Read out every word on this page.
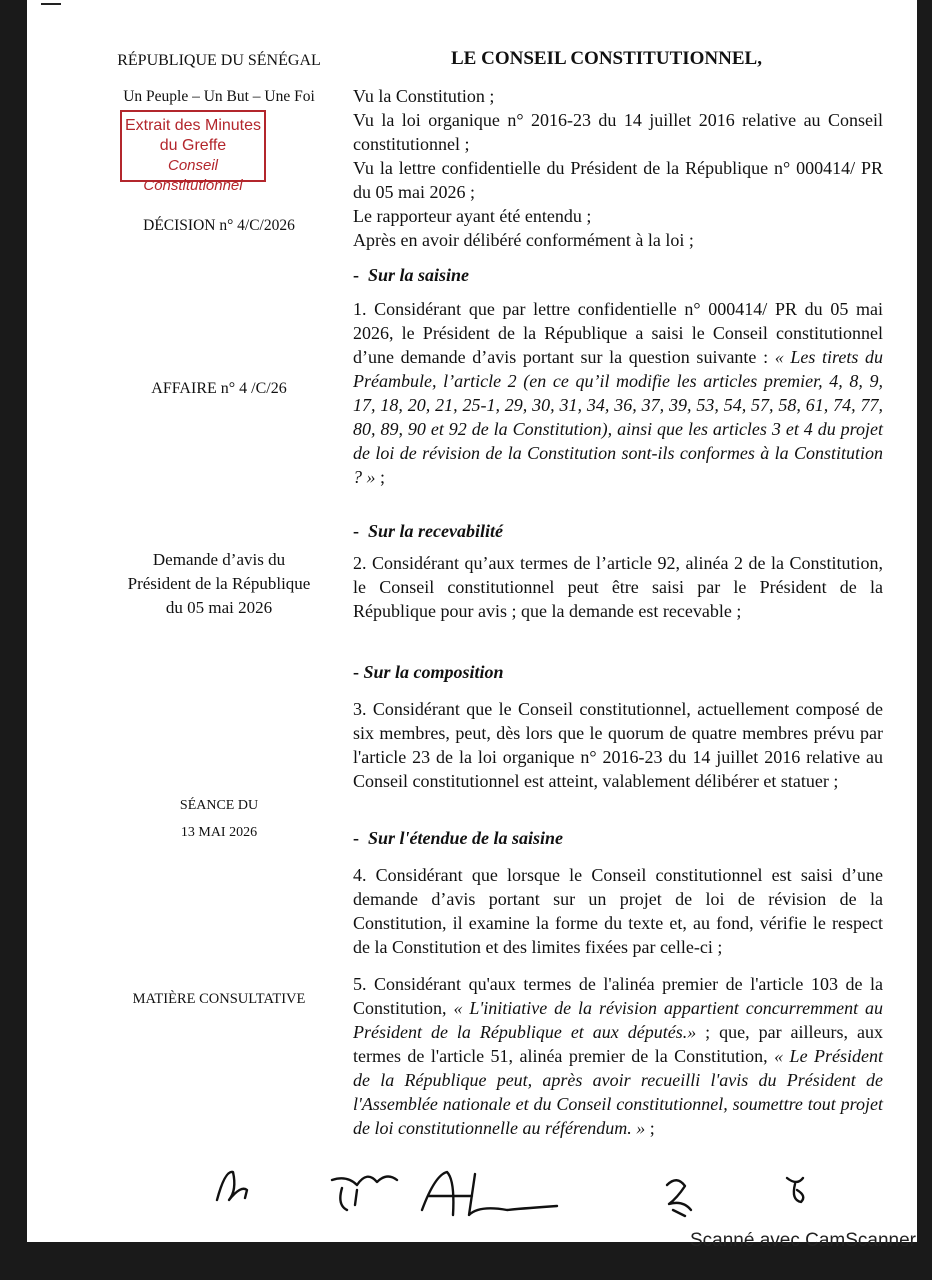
RÉPUBLIQUE DU SÉNÉGAL
Un Peuple – Un But – Une Foi
DÉCISION n° 4/C/2026
AFFAIRE n° 4 /C/26
Demande d’avis du
Président de la République
du 05 mai 2026
SÉANCE DU
13 MAI 2026
MATIÈRE CONSULTATIVE
Extrait des Minutes
du Greffe
Conseil Constitutionnel
LE CONSEIL CONSTITUTIONNEL,

Vu la Constitution ;

Vu la loi organique n° 2016-23 du 14 juillet 2016 relative au Conseil constitutionnel ;

Vu la lettre confidentielle du Président de la République n° 000414/ PR du 05 mai 2026 ;

Le rapporteur ayant été entendu ;

Après en avoir délibéré conformément à la loi ;

-  Sur la saisine

1. Considérant que par lettre confidentielle n° 000414/ PR du 05 mai 2026, le Président de la République a saisi le Conseil constitutionnel d’une demande d’avis portant sur la question suivante : « Les tirets du Préambule, l’article 2 (en ce qu’il modifie les articles premier, 4, 8, 9, 17, 18, 20, 21, 25-1, 29, 30, 31, 34, 36, 37, 39, 53, 54, 57, 58, 61, 74, 77, 80, 89, 90 et 92 de la Constitution), ainsi que les articles 3 et 4 du projet de loi de révision de la Constitution sont-ils conformes à la Constitution ? » ;

-  Sur la recevabilité

2. Considérant qu’aux termes de l’article 92, alinéa 2 de la Constitution, le Conseil constitutionnel peut être saisi par le Président de la République pour avis ; que la demande est recevable ;

- Sur la composition

3. Considérant que le Conseil constitutionnel, actuellement composé de six membres, peut, dès lors que le quorum de quatre membres prévu par l'article 23 de la loi organique n° 2016-23 du 14 juillet 2016 relative au Conseil constitutionnel est atteint, valablement délibérer et statuer ;

-  Sur l'étendue de la saisine

4. Considérant que lorsque le Conseil constitutionnel est saisi d’une demande d’avis portant sur un projet de loi de révision de la Constitution, il examine la forme du texte et, au fond, vérifie le respect de la Constitution et des limites fixées par celle-ci ;

5. Considérant qu'aux termes de l'alinéa premier de l'article 103 de la Constitution, « L'initiative de la révision appartient concurremment au Président de la République et aux députés.» ; que, par ailleurs, aux termes de l'article 51, alinéa premier de la Constitution, « Le Président de la République peut, après avoir recueilli l'avis du Président de l'Assemblée nationale et du Conseil constitutionnel, soumettre tout projet de loi constitutionnelle au référendum. » ;

Scanné avec CamScanner
